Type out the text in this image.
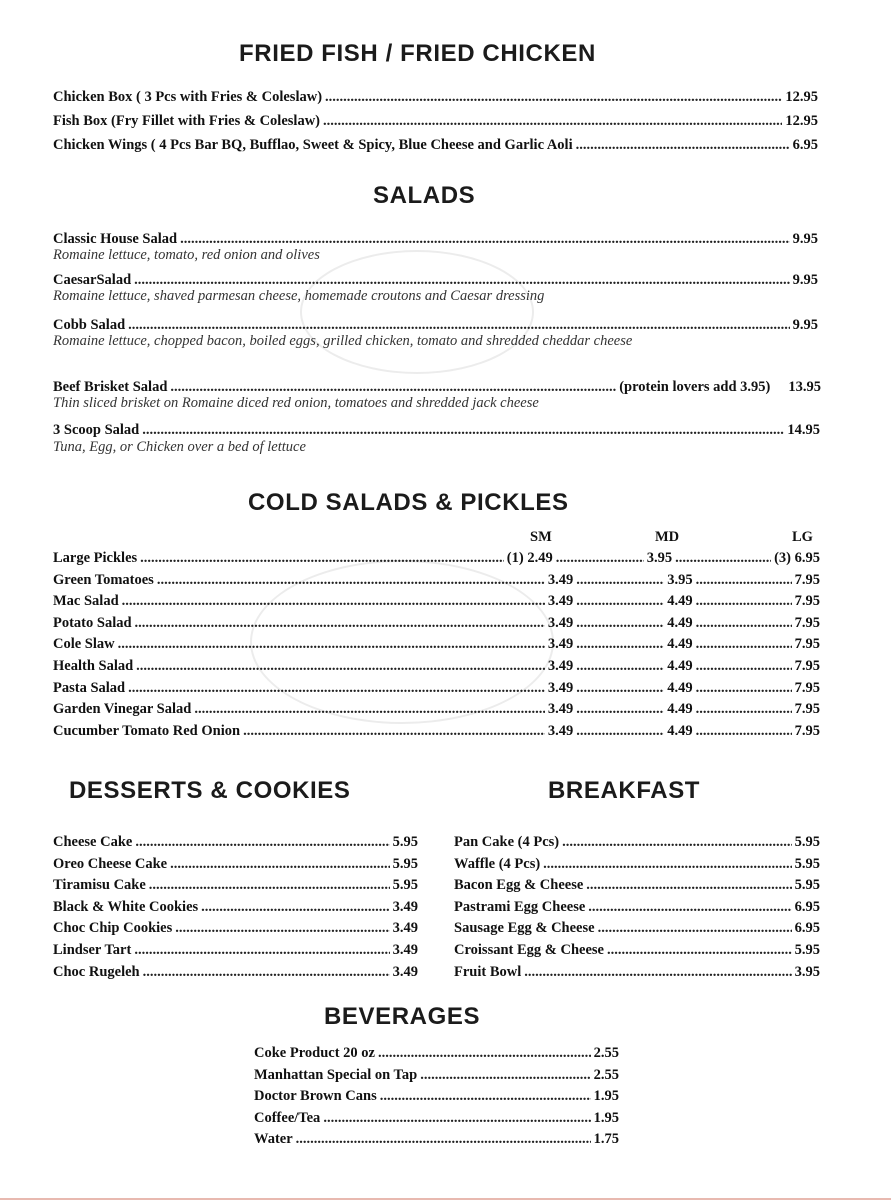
FRIED FISH / FRIED CHICKEN
Chicken Box ( 3 Pcs with Fries & Coleslaw) .....	12.95
Fish Box (Fry Fillet with Fries & Coleslaw) .....	12.95
Chicken Wings ( 4 Pcs Bar BQ, Bufflao, Sweet & Spicy, Blue Cheese and Garlic Aoli .....	6.95
SALADS
Classic House Salad .....	9.95
Romaine lettuce, tomato, red onion and olives
CaesarSalad .....	9.95
Romaine lettuce, shaved parmesan cheese, homemade croutons and Caesar dressing
Cobb Salad .....	9.95
Romaine lettuce, chopped bacon, boiled eggs, grilled chicken, tomato and shredded cheddar cheese
Beef Brisket Salad .....	(protein lovers add 3.95) 13.95
Thin sliced brisket on Romaine diced red onion, tomatoes and shredded jack cheese
3 Scoop Salad .....	14.95
Tuna, Egg, or Chicken over a bed of lettuce
COLD SALADS & PICKLES
SM	MD	LG
Large Pickles .....	(1) 2.49 .....	3.95 .....	(3) 6.95
Green Tomatoes .....	3.49 .....	3.95 .....	7.95
Mac Salad .....	3.49 .....	4.49 .....	7.95
Potato Salad .....	3.49 .....	4.49 .....	7.95
Cole Slaw .....	3.49 .....	4.49 .....	7.95
Health Salad .....	3.49 .....	4.49 .....	7.95
Pasta Salad .....	3.49 .....	4.49 .....	7.95
Garden Vinegar Salad .....	3.49 .....	4.49 .....	7.95
Cucumber Tomato Red Onion .....	3.49 .....	4.49 .....	7.95
DESSERTS & COOKIES
Cheese Cake .....	5.95
Oreo Cheese Cake .....	5.95
Tiramisu Cake .....	5.95
Black & White Cookies .....	3.49
Choc Chip Cookies .....	3.49
Lindser Tart .....	3.49
Choc Rugeleh .....	3.49
BREAKFAST
Pan Cake (4 Pcs) .....	5.95
Waffle (4 Pcs) .....	5.95
Bacon Egg & Cheese .....	5.95
Pastrami Egg Cheese .....	6.95
Sausage Egg & Cheese .....	6.95
Croissant Egg & Cheese .....	5.95
Fruit Bowl .....	3.95
BEVERAGES
Coke Product 20 oz .....	2.55
Manhattan Special on Tap .....	2.55
Doctor Brown Cans .....	1.95
Coffee/Tea .....	1.95
Water .....	1.75
